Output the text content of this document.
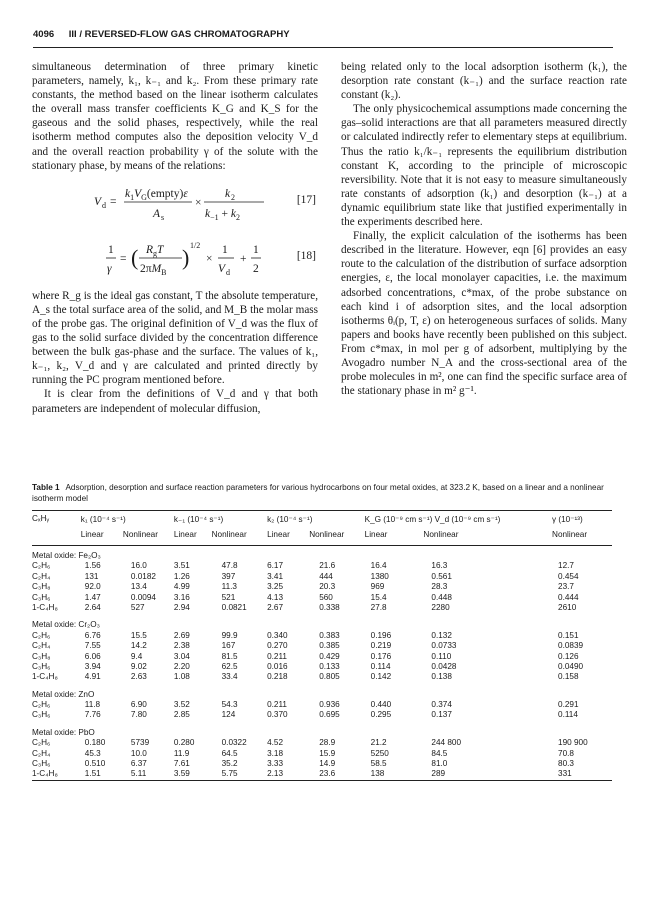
4096 III / REVERSED-FLOW GAS CHROMATOGRAPHY

simultaneous determination of three primary kinetic parameters, namely, k₁, k₋₁ and k₂. From these primary rate constants, the method based on the linear isotherm calculates the overall mass transfer coefficients K_G and K_S for the gaseous and the solid phases, respectively, while the real isotherm method computes also the deposition velocity V_d and the overall reaction probability γ of the solute with the stationary phase, by means of the relations:

V d =
$k_1V_G(empty)\varepsilon$
A s
×
k 2
$k_{-1} + k_2$
[17]
1
γ
= ( $R_gT$
$2\pi M_B$
) 1/2
×
1
V d
+
1
2
[18]

where R_g is the ideal gas constant, T the absolute temperature, A_s the total surface area of the solid, and M_B the molar mass of the probe gas. The original definition of V_d was the flux of gas to the solid surface divided by the concentration difference between the bulk gas-phase and the surface. The values of k₁, k₋₁, k₂, V_d and γ are calculated and printed directly by running the PC program mentioned before.

It is clear from the definitions of V_d and γ that both parameters are independent of molecular diffusion,

being related only to the local adsorption isotherm (k₁), the desorption rate constant (k₋₁) and the surface reaction rate constant (k₂).

The only physicochemical assumptions made concerning the gas–solid interactions are that all parameters measured directly or calculated indirectly refer to elementary steps at equilibrium. Thus the ratio k₁/k₋₁ represents the equilibrium distribution constant K, according to the principle of microscopic reversibility. Note that it is not easy to measure simultaneously rate constants of adsorption (k₁) and desorption (k₋₁) at a dynamic equilibrium state like that justified experimentally in the experiments described here.

Finally, the explicit calculation of the isotherms has been described in the literature. However, eqn [6] provides an easy route to the calculation of the distribution of surface adsorption energies, ε, the local monolayer capacities, i.e. the maximum adsorbed concentrations, c*max, of the probe substance on each kind i of adsorption sites, and the local adsorption isotherms θᵢ(p, T, ε) on heterogeneous surfaces of solids. Many papers and books have recently been published on this subject. From c*max, in mol per g of adsorbent, multiplying by the Avogadro number N_A and the cross-sectional area of the probe molecules in m², one can find the specific surface area of the stationary phase in m² g⁻¹.

Table 1 Adsorption, desorption and surface reaction parameters for various hydrocarbons on four metal oxides, at 323.2 K, based on a linear and a nonlinear isotherm model
CₓHᵧ	k₁ (10⁻⁴ s⁻¹)		k₋₁ (10⁻⁴ s⁻¹)		k₂ (10⁻⁴ s⁻¹)		K_G (10⁻⁹ cm s⁻¹) V_d (10⁻⁹ cm s⁻¹)			γ (10⁻¹³)
	Linear	Nonlinear	Linear	Nonlinear	Linear	Nonlinear	Linear	Nonlinear		Nonlinear
Metal oxide: Fe₂O₃										
C₂H₆	1.56	16.0	3.51	47.8	6.17	21.6	16.4	16.3		12.7
C₂H₄	131	0.0182	1.26	397	3.41	444	1380	0.561		0.454
C₃H₈	92.0	13.4	4.99	11.3	3.25	20.3	969	28.3		23.7
C₃H₆	1.47	0.0094	3.16	521	4.13	560	15.4	0.448		0.444
1-C₄H₈	2.64	527	2.94	0.0821	2.67	0.338	27.8	2280		2610

Metal oxide: Cr₂O₃										
C₂H₆	6.76	15.5	2.69	99.9	0.340	0.383	0.196	0.132		0.151
C₂H₄	7.55	14.2	2.38	167	0.270	0.385	0.219	0.0733		0.0839
C₃H₈	6.06	9.4	3.04	81.5	0.211	0.429	0.176	0.110		0.126
C₃H₆	3.94	9.02	2.20	62.5	0.016	0.133	0.114	0.0428		0.0490
1-C₄H₈	4.91	2.63	1.08	33.4	0.218	0.805	0.142	0.138		0.158

Metal oxide: ZnO										
C₂H₆	11.8	6.90	3.52	54.3	0.211	0.936	0.440	0.374		0.291
C₃H₆	7.76	7.80	2.85	124	0.370	0.695	0.295	0.137		0.114

Metal oxide: PbO										
C₂H₆	0.180	5739	0.280	0.0322	4.52	28.9	21.2	244 800		190 900
C₂H₄	45.3	10.0	11.9	64.5	3.18	15.9	5250	84.5		70.8
C₃H₆	0.510	6.37	7.61	35.2	3.33	14.9	58.5	81.0		80.3
1-C₄H₈	1.51	5.11	3.59	5.75	2.13	23.6	138	289		331
